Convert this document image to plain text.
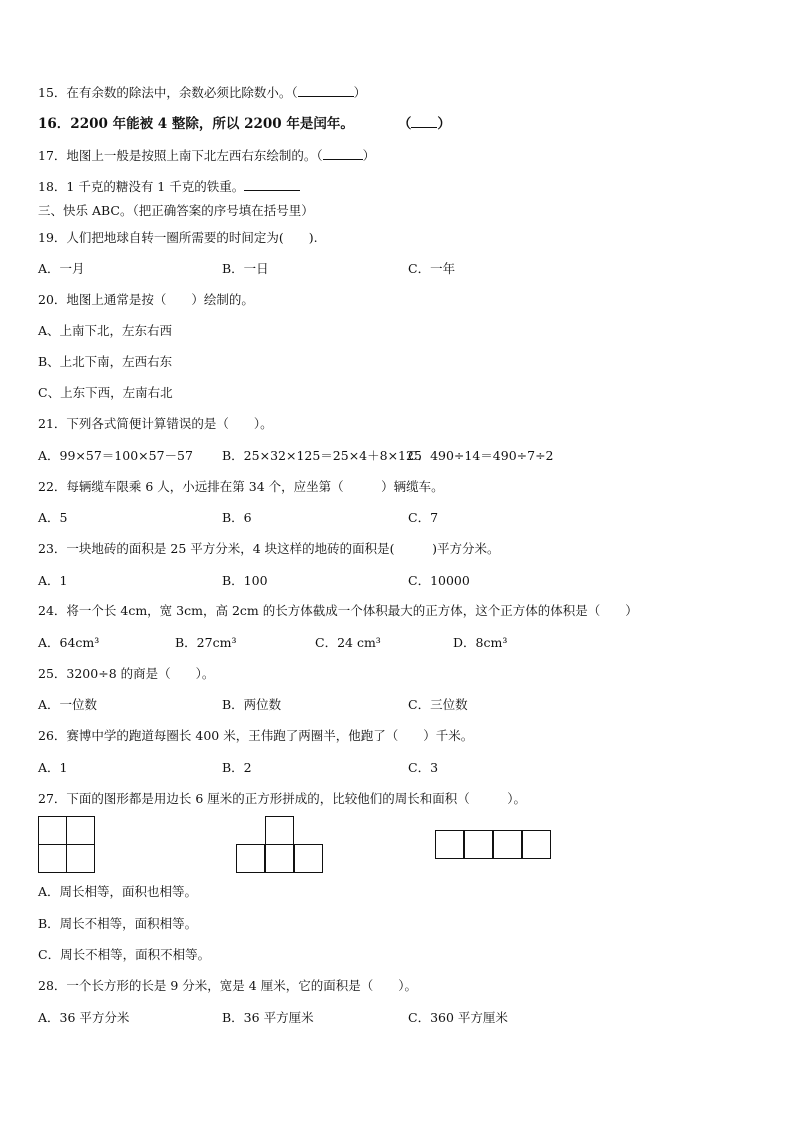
15．在有余数的除法中，余数必须比除数小。（	）
16．2200 年能被 4 整除，所以 2200 年是闰年。	（ ）
17．地图上一般是按照上南下北左西右东绘制的。（	）
18．1 千克的糖没有 1 千克的铁重。
三、快乐 ABC。（把正确答案的序号填在括号里）
19．人们把地球自转一圈所需要的时间定为(　　).
A．一月	B．一日	C．一年
20．地图上通常是按（　　）绘制的。
A、上南下北，左东右西
B、上北下南，左西右东
C、上东下西，左南右北
21．下列各式简便计算错误的是（　　）。
A．99×57＝100×57－57 B．25×32×125＝25×4＋8×125
C．490÷14＝490÷7÷2
22．每辆缆车限乘 6 人，小远排在第 34 个，应坐第（　　　）辆缆车。
A．5	B．6	C．7
23．一块地砖的面积是 25 平方分米，4 块这样的地砖的面积是(　　　)平方分米。
A．1	B．100	C．10000
24．将一个长 4cm，宽 3cm，高 2cm 的长方体截成一个体积最大的正方体，这个正方体的体积是（　　）
A．64cm³	B．27cm³	C．24 cm³	D．8cm³
25．3200÷8 的商是（　　）。
A．一位数	B．两位数	C．三位数
26．赛博中学的跑道每圈长 400 米，王伟跑了两圈半，他跑了（　　）千米。
A．1	B．2	C．3
27．下面的图形都是用边长 6 厘米的正方形拼成的，比较他们的周长和面积（　　　）。
A．周长相等，面积也相等。
B．周长不相等，面积相等。
C．周长不相等，面积不相等。
28．一个长方形的长是 9 分米，宽是 4 厘米，它的面积是（　　）。
A．36 平方分米	B．36 平方厘米	C．360 平方厘米
